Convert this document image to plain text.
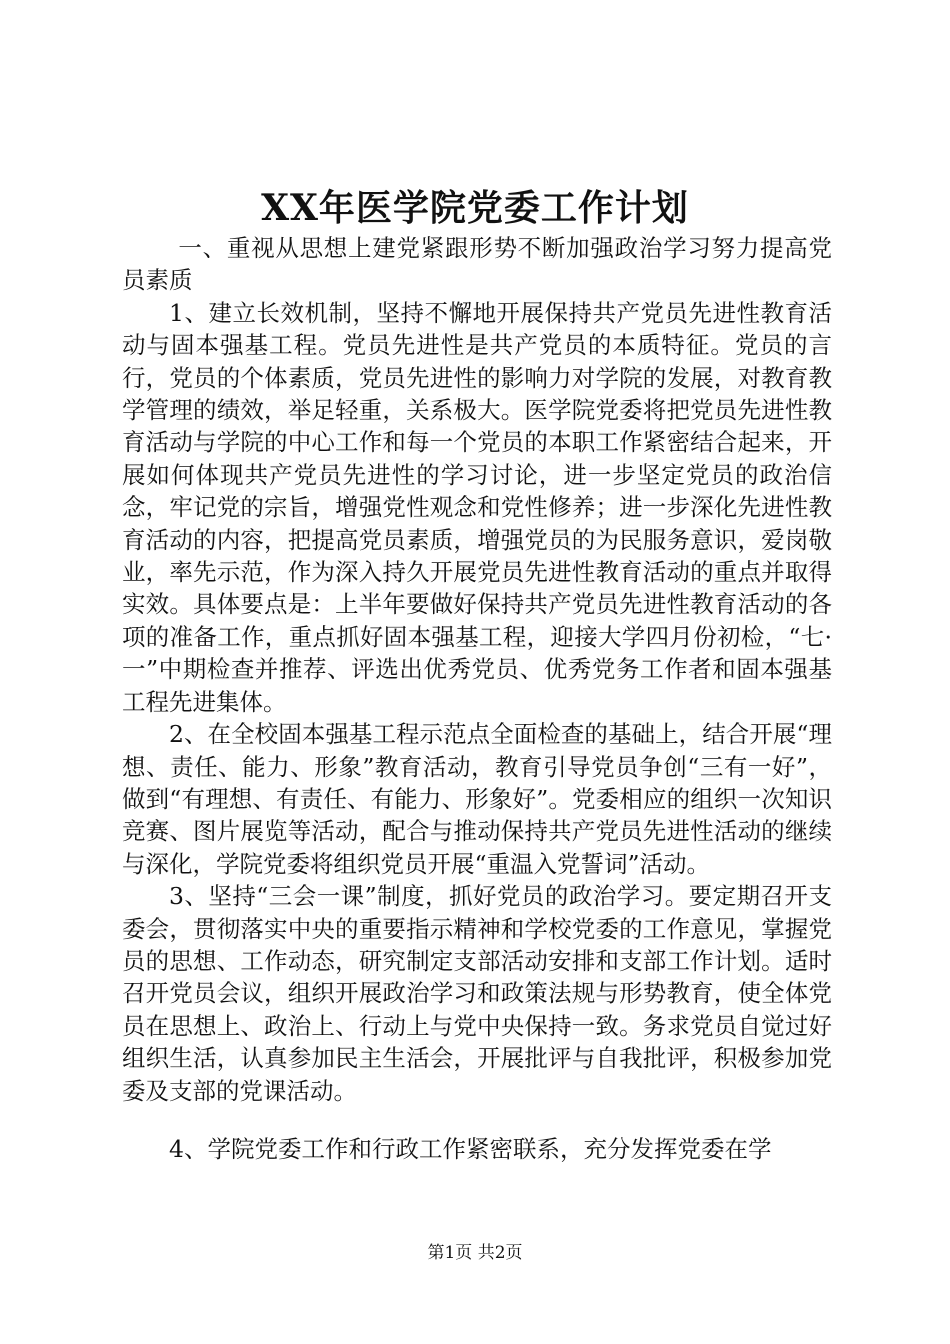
XX年医学院党委工作计划

一、重视从思想上建党紧跟形势不断加强政治学习努力提高党员素质

1、建立长效机制，坚持不懈地开展保持共产党员先进性教育活动与固本强基工程。党员先进性是共产党员的本质特征。党员的言行，党员的个体素质，党员先进性的影响力对学院的发展，对教育教学管理的绩效，举足轻重，关系极大。医学院党委将把党员先进性教育活动与学院的中心工作和每一个党员的本职工作紧密结合起来，开展如何体现共产党员先进性的学习讨论，进一步坚定党员的政治信念，牢记党的宗旨，增强党性观念和党性修养；进一步深化先进性教育活动的内容，把提高党员素质，增强党员的为民服务意识，爱岗敬业，率先示范，作为深入持久开展党员先进性教育活动的重点并取得实效。具体要点是：上半年要做好保持共产党员先进性教育活动的各项的准备工作，重点抓好固本强基工程，迎接大学四月份初检，“七·一”中期检查并推荐、评选出优秀党员、优秀党务工作者和固本强基工程先进集体。

2、在全校固本强基工程示范点全面检查的基础上，结合开展“理想、责任、能力、形象”教育活动，教育引导党员争创“三有一好”，做到“有理想、有责任、有能力、形象好”。党委相应的组织一次知识竞赛、图片展览等活动，配合与推动保持共产党员先进性活动的继续与深化，学院党委将组织党员开展“重温入党誓词”活动。

3、坚持“三会一课”制度，抓好党员的政治学习。要定期召开支委会，贯彻落实中央的重要指示精神和学校党委的工作意见，掌握党员的思想、工作动态，研究制定支部活动安排和支部工作计划。适时召开党员会议，组织开展政治学习和政策法规与形势教育，使全体党员在思想上、政治上、行动上与党中央保持一致。务求党员自觉过好组织生活，认真参加民主生活会，开展批评与自我批评，积极参加党委及支部的党课活动。

4、学院党委工作和行政工作紧密联系，充分发挥党委在学

第1页 共2页
